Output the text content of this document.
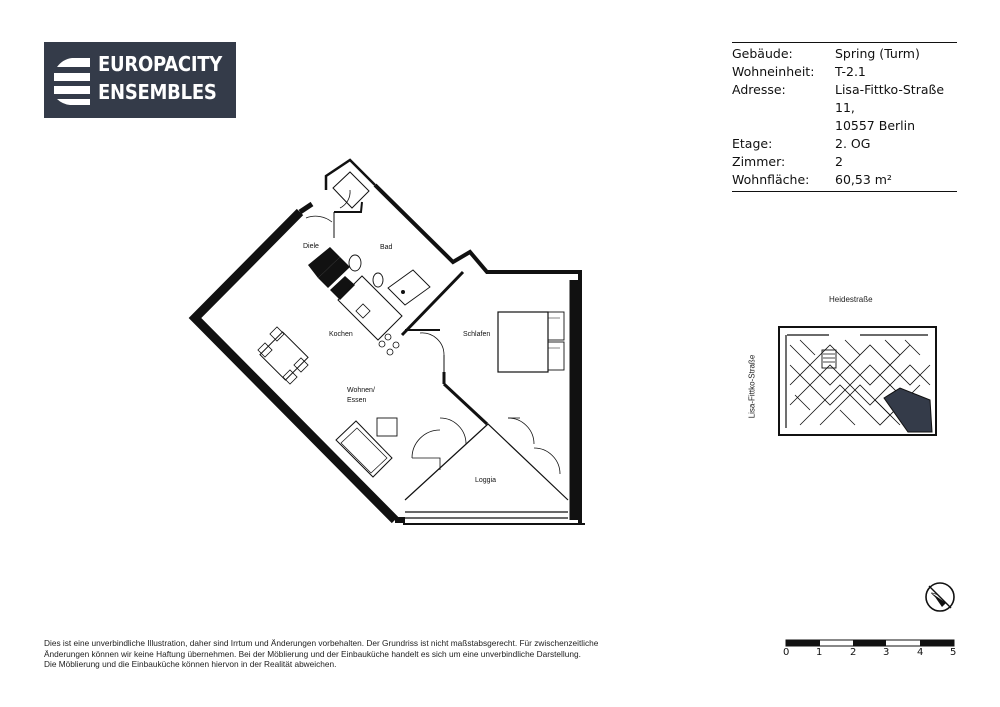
EUROPACITY
ENSEMBLES
Gebäude:	Spring (Turm)
Wohneinheit:	T-2.1
Adresse:	Lisa-Fittko-Straße 11,
10557 Berlin
Etage:	2. OG
Zimmer:	2
Wohnfläche:	60,53 m²
Diele	Bad
Kochen	Schlafen
Wohnen/
Essen
Loggia
N
Heidestraße
Lisa-Fittko-Straße
0	1	2	3	4	5
Dies ist eine unverbindliche Illustration, daher sind Irrtum und Änderungen vorbehalten. Der Grundriss ist nicht maßstabsgerecht. Für zwischenzeitliche
Änderungen können wir keine Haftung übernehmen. Bei der Möblierung und der Einbauküche handelt es sich um eine unverbindliche Darstellung.
Die Möblierung und die Einbauküche können hiervon in der Realität abweichen.
